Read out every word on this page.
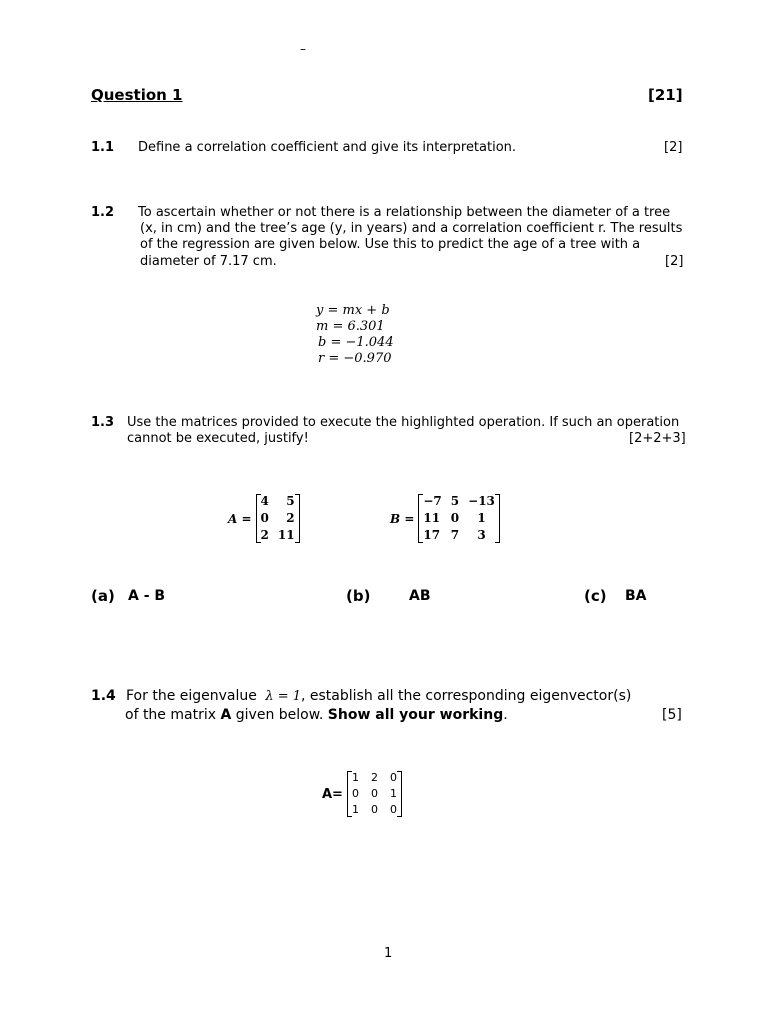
–
Question 1	[21]
1.1 Define a correlation coefficient and give its interpretation.	[2]
1.2 To ascertain whether or not there is a relationship between the diameter of a tree
(x, in cm) and the tree’s age (y, in years) and a correlation coefficient r. The results
of the regression are given below. Use this to predict the age of a tree with a
diameter of 7.17 cm.	[2]
y = mx + b
m = 6.301
b = −1.044
r = −0.970
1.3 Use the matrices provided to execute the highlighted operation. If such an operation
cannot be executed, justify!	[2+2+3]
A =
4	5
0	2
2 11
B =
−7 5 −13
11 0	1
17 7	3
(a) A - B	(b)	AB	(c) BA
1.4 For the eigenvalue λ = 1, establish all the corresponding eigenvector(s)
of the matrix A given below. Show all your working.	[5]
A=
1 2 0
0 0 1
1 0 0
1
